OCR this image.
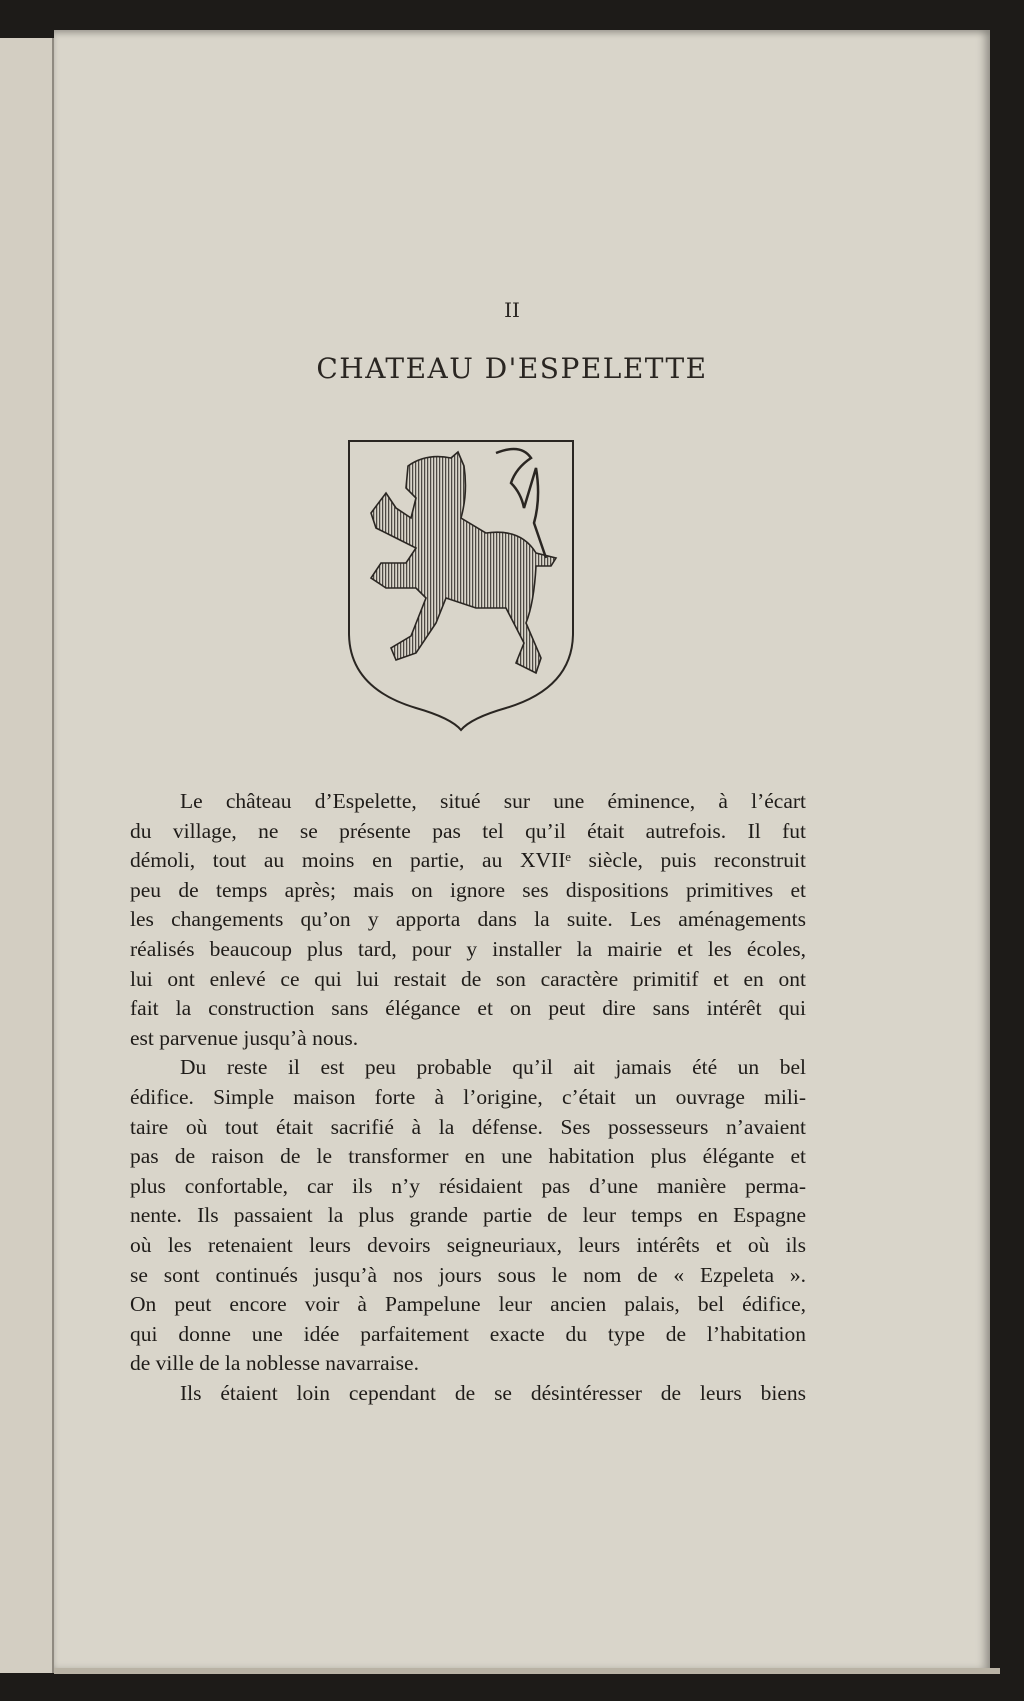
II
CHATEAU D'ESPELETTE
Le château d’Espelette, situé sur une éminence, à l’écart
du village, ne se présente pas tel qu’il était autrefois. Il fut
démoli, tout au moins en partie, au XVIIᵉ siècle, puis reconstruit
peu de temps après; mais on ignore ses dispositions primitives et
les changements qu’on y apporta dans la suite. Les aménagements
réalisés beaucoup plus tard, pour y installer la mairie et les écoles,
lui ont enlevé ce qui lui restait de son caractère primitif et en ont
fait la construction sans élégance et on peut dire sans intérêt qui
est parvenue jusqu’à nous.
Du reste il est peu probable qu’il ait jamais été un bel
édifice. Simple maison forte à l’origine, c’était un ouvrage mili-
taire où tout était sacrifié à la défense. Ses possesseurs n’avaient
pas de raison de le transformer en une habitation plus élégante et
plus confortable, car ils n’y résidaient pas d’une manière perma-
nente. Ils passaient la plus grande partie de leur temps en Espagne
où les retenaient leurs devoirs seigneuriaux, leurs intérêts et où ils
se sont continués jusqu’à nos jours sous le nom de « Ezpeleta ».
On peut encore voir à Pampelune leur ancien palais, bel édifice,
qui donne une idée parfaitement exacte du type de l’habitation
de ville de la noblesse navarraise.
Ils étaient loin cependant de se désintéresser de leurs biens
